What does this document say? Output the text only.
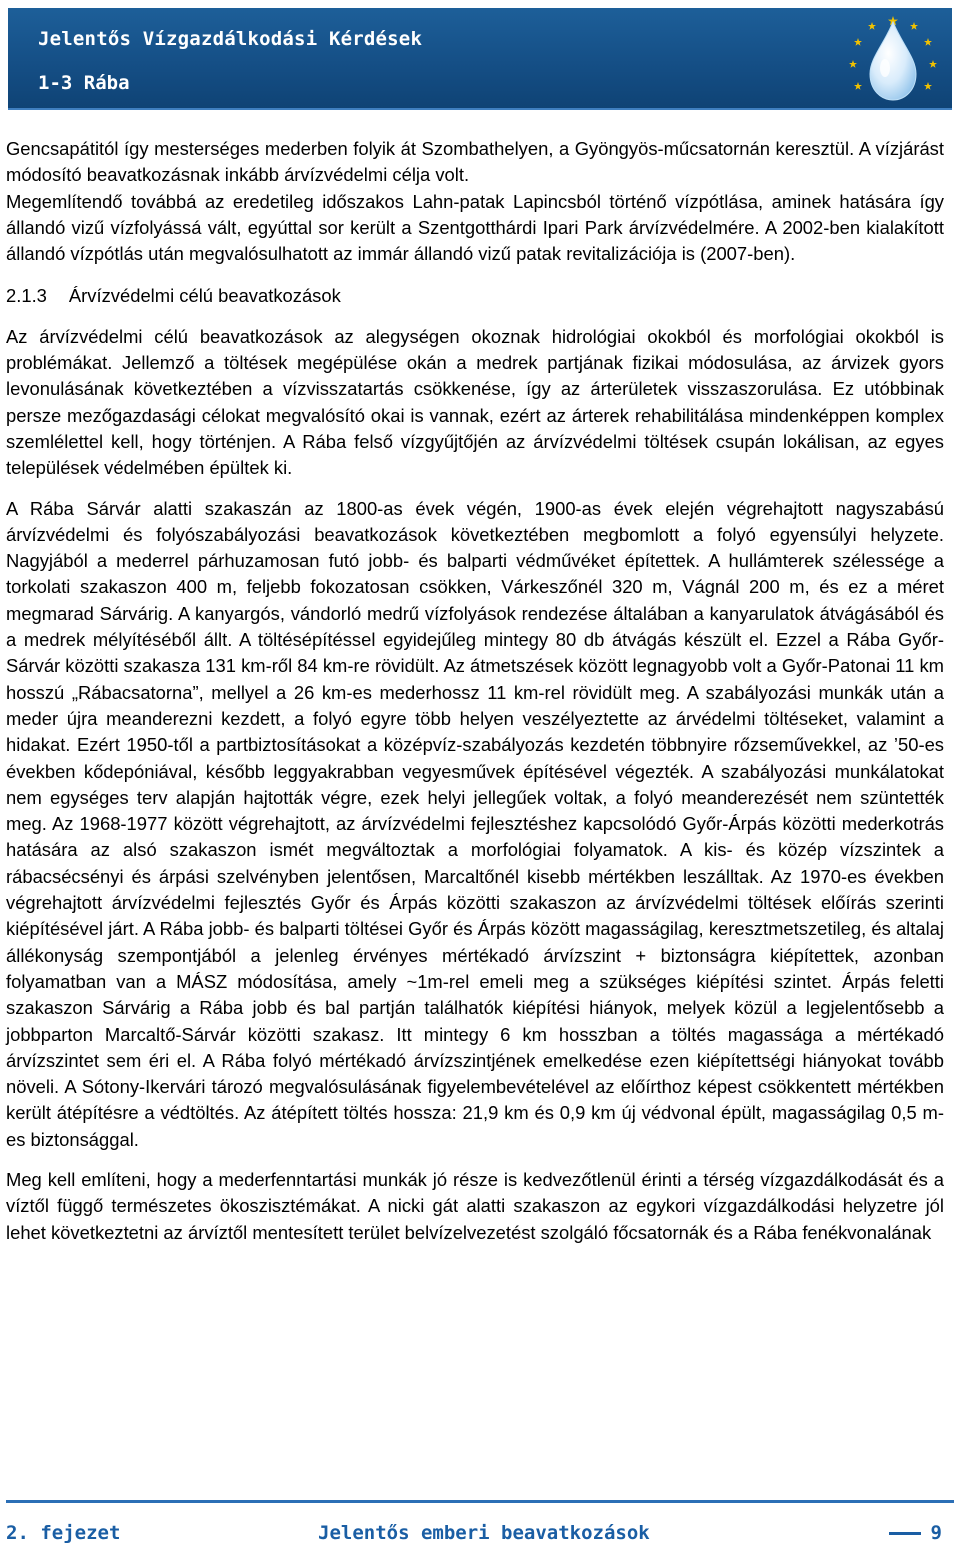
Jelentős Vízgazdálkodási Kérdések
1-3 Rába

Gencsapátitól így mesterséges mederben folyik át Szombathelyen, a Gyöngyös-műcsatornán keresztül. A vízjárást módosító beavatkozásnak inkább árvízvédelmi célja volt.

Megemlítendő továbbá az eredetileg időszakos Lahn-patak Lapincsból történő vízpótlása, aminek hatására így állandó vizű vízfolyássá vált, egyúttal sor került a Szentgotthárdi Ipari Park árvízvédelmére. A 2002-ben kialakított állandó vízpótlás után megvalósulhatott az immár állandó vizű patak revitalizációja is (2007-ben).

2.1.3 Árvízvédelmi célú beavatkozások

Az árvízvédelmi célú beavatkozások az alegységen okoznak hidrológiai okokból és morfológiai okokból is problémákat. Jellemző a töltések megépülése okán a medrek partjának fizikai módosulása, az árvizek gyors levonulásának következtében a vízvisszatartás csökkenése, így az árterületek visszaszorulása. Ez utóbbinak persze mezőgazdasági célokat megvalósító okai is vannak, ezért az árterek rehabilitálása mindenképpen komplex szemlélettel kell, hogy történjen. A Rába felső vízgyűjtőjén az árvízvédelmi töltések csupán lokálisan, az egyes települések védelmében épültek ki.

A Rába Sárvár alatti szakaszán az 1800-as évek végén, 1900-as évek elején végrehajtott nagyszabású árvízvédelmi és folyószabályozási beavatkozások következtében megbomlott a folyó egyensúlyi helyzete. Nagyjából a mederrel párhuzamosan futó jobb- és balparti védművéket építettek. A hullámterek szélessége a torkolati szakaszon 400 m, feljebb fokozatosan csökken, Várkeszőnél 320 m, Vágnál 200 m, és ez a méret megmarad Sárvárig. A kanyargós, vándorló medrű vízfolyások rendezése általában a kanyarulatok átvágásából és a medrek mélyítéséből állt. A töltésépítéssel egyidejűleg mintegy 80 db átvágás készült el. Ezzel a Rába Győr-Sárvár közötti szakasza 131 km-ről 84 km-re rövidült. Az átmetszések között legnagyobb volt a Győr-Patonai 11 km hosszú „Rábacsatorna”, mellyel a 26 km-es mederhossz 11 km-rel rövidült meg. A szabályozási munkák után a meder újra meanderezni kezdett, a folyó egyre több helyen veszélyeztette az árvédelmi töltéseket, valamint a hidakat. Ezért 1950-től a partbiztosításokat a középvíz-szabályozás kezdetén többnyire rőzseművekkel, az ’50-es években kődepóniával, később leggyakrabban vegyesművek építésével végezték. A szabályozási munkálatokat nem egységes terv alapján hajtották végre, ezek helyi jellegűek voltak, a folyó meanderezését nem szüntették meg. Az 1968-1977 között végrehajtott, az árvízvédelmi fejlesztéshez kapcsolódó Győr-Árpás közötti mederkotrás hatására az alsó szakaszon ismét megváltoztak a morfológiai folyamatok. A kis- és közép vízszintek a rábacsécsényi és árpási szelvényben jelentősen, Marcaltőnél kisebb mértékben leszálltak. Az 1970-es években végrehajtott árvízvédelmi fejlesztés Győr és Árpás közötti szakaszon az árvízvédelmi töltések előírás szerinti kiépítésével járt. A Rába jobb- és balparti töltései Győr és Árpás között magasságilag, keresztmetszetileg, és altalaj állékonyság szempontjából a jelenleg érvényes mértékadó árvízszint + biztonságra kiépítettek, azonban folyamatban van a MÁSZ módosítása, amely ~1m-rel emeli meg a szükséges kiépítési szintet. Árpás feletti szakaszon Sárvárig a Rába jobb és bal partján találhatók kiépítési hiányok, melyek közül a legjelentősebb a jobbparton Marcaltő-Sárvár közötti szakasz. Itt mintegy 6 km hosszban a töltés magassága a mértékadó árvízszintet sem éri el. A Rába folyó mértékadó árvízszintjének emelkedése ezen kiépítettségi hiányokat tovább növeli. A Sótony-Ikervári tározó megvalósulásának figyelembevételével az előírthoz képest csökkentett mértékben került átépítésre a védtöltés. Az átépített töltés hossza: 21,9 km és 0,9 km új védvonal épült, magasságilag 0,5 m-es biztonsággal.

Meg kell említeni, hogy a mederfenntartási munkák jó része is kedvezőtlenül érinti a térség vízgazdálkodását és a víztől függő természetes ökoszisztémákat. A nicki gát alatti szakaszon az egykori vízgazdálkodási helyzetre jól lehet következtetni az árvíztől mentesített terület belvízelvezetést szolgáló főcsatornák és a Rába fenékvonalának

2. fejezet	Jelentős emberi beavatkozások	9
